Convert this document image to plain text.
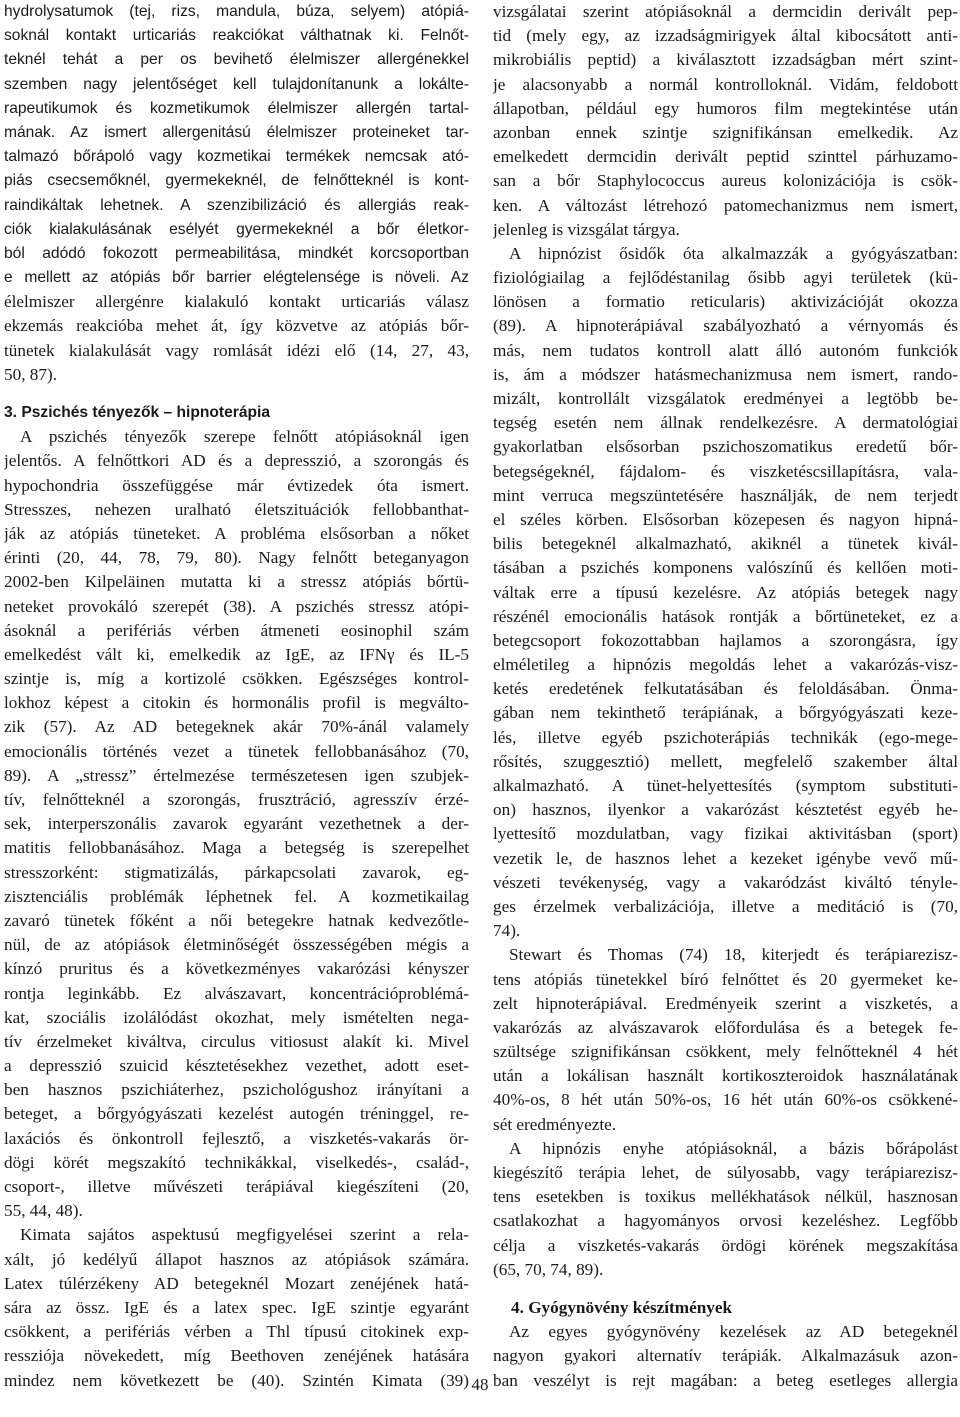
hydrolysatumok (tej, rizs, mandula, búza, selyem) atópiá-
soknál kontakt urticariás reakciókat válthatnak ki. Felnőt-
teknél tehát a per os bevihető élelmiszer allergénekkel
szemben nagy jelentőséget kell tulajdonítanunk a lokálte-
rapeutikumok és kozmetikumok élelmiszer allergén tartal-
mának. Az ismert allergenitású élelmiszer proteineket tar-
talmazó bőrápoló vagy kozmetikai termékek nemcsak ató-
piás csecsemőknél, gyermekeknél, de felnőtteknél is kont-
raindikáltak lehetnek. A szenzibilizáció és allergiás reak-
ciók kialakulásának esélyét gyermekeknél a bőr életkor-
ból adódó fokozott permeabilitása, mindkét korcsoportban
e mellett az atópiás bőr barrier elégtelensége is növeli. Az
élelmiszer allergénre kialakuló kontakt urticariás válasz
ekzemás reakcióba mehet át, így közvetve az atópiás bőr-
tünetek kialakulását vagy romlását idézi elő (14, 27, 43,
50, 87).
3. Pszichés tényezők – hipnoterápia
A pszichés tényezők szerepe felnőtt atópiásoknál igen
jelentős. A felnőttkori AD és a depresszió, a szorongás és
hypochondria összefüggése már évtizedek óta ismert.
Stresszes, nehezen uralható életszituációk fellobbanthat-
ják az atópiás tüneteket. A probléma elsősorban a nőket
érinti (20, 44, 78, 79, 80). Nagy felnőtt beteganyagon
2002-ben Kilpeläinen mutatta ki a stressz atópiás bőrtü-
neteket provokáló szerepét (38). A pszichés stressz atópi-
ásoknál a perifériás vérben átmeneti eosinophil szám
emelkedést vált ki, emelkedik az IgE, az IFNγ és IL-5
szintje is, míg a kortizolé csökken. Egészséges kontrol-
lokhoz képest a citokin és hormonális profil is megválto-
zik (57). Az AD betegeknek akár 70%-ánál valamely
emocionális történés vezet a tünetek fellobbanásához (70,
89). A „stressz” értelmezése természetesen igen szubjek-
tív, felnőtteknél a szorongás, frusztráció, agresszív érzé-
sek, interperszonális zavarok egyaránt vezethetnek a der-
matitis fellobbanásához. Maga a betegség is szerepelhet
stresszorként: stigmatizálás, párkapcsolati zavarok, eg-
zisztenciális problémák léphetnek fel. A kozmetikailag
zavaró tünetek főként a női betegekre hatnak kedvezőtle-
nül, de az atópiások életminőségét összességében mégis a
kínzó pruritus és a következményes vakarózási kényszer
rontja leginkább. Ez alvászavart, koncentrációproblémá-
kat, szociális izolálódást okozhat, mely ismételten nega-
tív érzelmeket kiváltva, circulus vitiosust alakít ki. Mivel
a depresszió szuicid késztetésekhez vezethet, adott eset-
ben hasznos pszichiáterhez, pszichológushoz irányítani a
beteget, a bőrgyógyászati kezelést autogén tréninggel, re-
laxációs és önkontroll fejlesztő, a viszketés-vakarás ör-
dögi körét megszakító technikákkal, viselkedés-, család-,
csoport-, illetve művészeti terápiával kiegészíteni (20,
55, 44, 48).
Kimata sajátos aspektusú megfigyelései szerint a rela-
xált, jó kedélyű állapot hasznos az atópiások számára.
Latex túlérzékeny AD betegeknél Mozart zenéjének hatá-
sára az össz. IgE és a latex spec. IgE szintje egyaránt
csökkent, a perifériás vérben a Thl típusú citokinek exp-
ressziója növekedett, míg Beethoven zenéjének hatására
mindez nem következett be (40). Szintén Kimata (39)
vizsgálatai szerint atópiásoknál a dermcidin derivált pep-
tid (mely egy, az izzadságmirigyek által kibocsátott anti-
mikrobiális peptid) a kiválasztott izzadságban mért szint-
je alacsonyabb a normál kontrolloknál. Vidám, feldobott
állapotban, például egy humoros film megtekintése után
azonban ennek szintje szignifikánsan emelkedik. Az
emelkedett dermcidin derivált peptid szinttel párhuzamo-
san a bőr Staphylococcus aureus kolonizációja is csök-
ken. A változást létrehozó patomechanizmus nem ismert,
jelenleg is vizsgálat tárgya.
A hipnózist ősidők óta alkalmazzák a gyógyászatban:
fiziológiailag a fejlődéstanilag ősibb agyi területek (kü-
lönösen a formatio reticularis) aktivizációját okozza
(89). A hipnoterápiával szabályozható a vérnyomás és
más, nem tudatos kontroll alatt álló autonóm funkciók
is, ám a módszer hatásmechanizmusa nem ismert, rando-
mizált, kontrollált vizsgálatok eredményei a legtöbb be-
tegség esetén nem állnak rendelkezésre. A dermatológiai
gyakorlatban elsősorban pszichoszomatikus eredetű bőr-
betegségeknél, fájdalom- és viszketéscsillapításra, vala-
mint verruca megszüntetésére használják, de nem terjedt
el széles körben. Elsősorban közepesen és nagyon hipná-
bilis betegeknél alkalmazható, akiknél a tünetek kivál-
tásában a pszichés komponens valószínű és kellően moti-
váltak erre a típusú kezelésre. Az atópiás betegek nagy
részénél emocionális hatások rontják a bőrtüneteket, ez a
betegcsoport fokozottabban hajlamos a szorongásra, így
elméletileg a hipnózis megoldás lehet a vakarózás-visz-
ketés eredetének felkutatásában és feloldásában. Önma-
gában nem tekinthető terápiának, a bőrgyógyászati keze-
lés, illetve egyéb pszichoterápiás technikák (ego-mege-
rősítés, szuggesztió) mellett, megfelelő szakember által
alkalmazható. A tünet-helyettesítés (symptom substituti-
on) hasznos, ilyenkor a vakarózást késztetést egyéb he-
lyettesítő mozdulatban, vagy fizikai aktivitásban (sport)
vezetik le, de hasznos lehet a kezeket igénybe vevő mű-
vészeti tevékenység, vagy a vakaródzást kiváltó tényle-
ges érzelmek verbalizációja, illetve a meditáció is (70,
74).
Stewart és Thomas (74) 18, kiterjedt és terápiarezisz-
tens atópiás tünetekkel bíró felnőttet és 20 gyermeket ke-
zelt hipnoterápiával. Eredményeik szerint a viszketés, a
vakarózás az alvászavarok előfordulása és a betegek fe-
szültsége szignifikánsan csökkent, mely felnőtteknél 4 hét
után a lokálisan használt kortikoszteroidok használatának
40%-os, 8 hét után 50%-os, 16 hét után 60%-os csökkené-
sét eredményezte.
A hipnózis enyhe atópiásoknál, a bázis bőrápolást
kiegészítő terápia lehet, de súlyosabb, vagy terápiarezisz-
tens esetekben is toxikus mellékhatások nélkül, hasznosan
csatlakozhat a hagyományos orvosi kezeléshez. Legfőbb
célja a viszketés-vakarás ördögi körének megszakítása
(65, 70, 74, 89).
4. Gyógynövény készítmények
Az egyes gyógynövény kezelések az AD betegeknél
nagyon gyakori alternatív terápiák. Alkalmazásuk azon-
ban veszélyt is rejt magában: a beteg esetleges allergia
48
